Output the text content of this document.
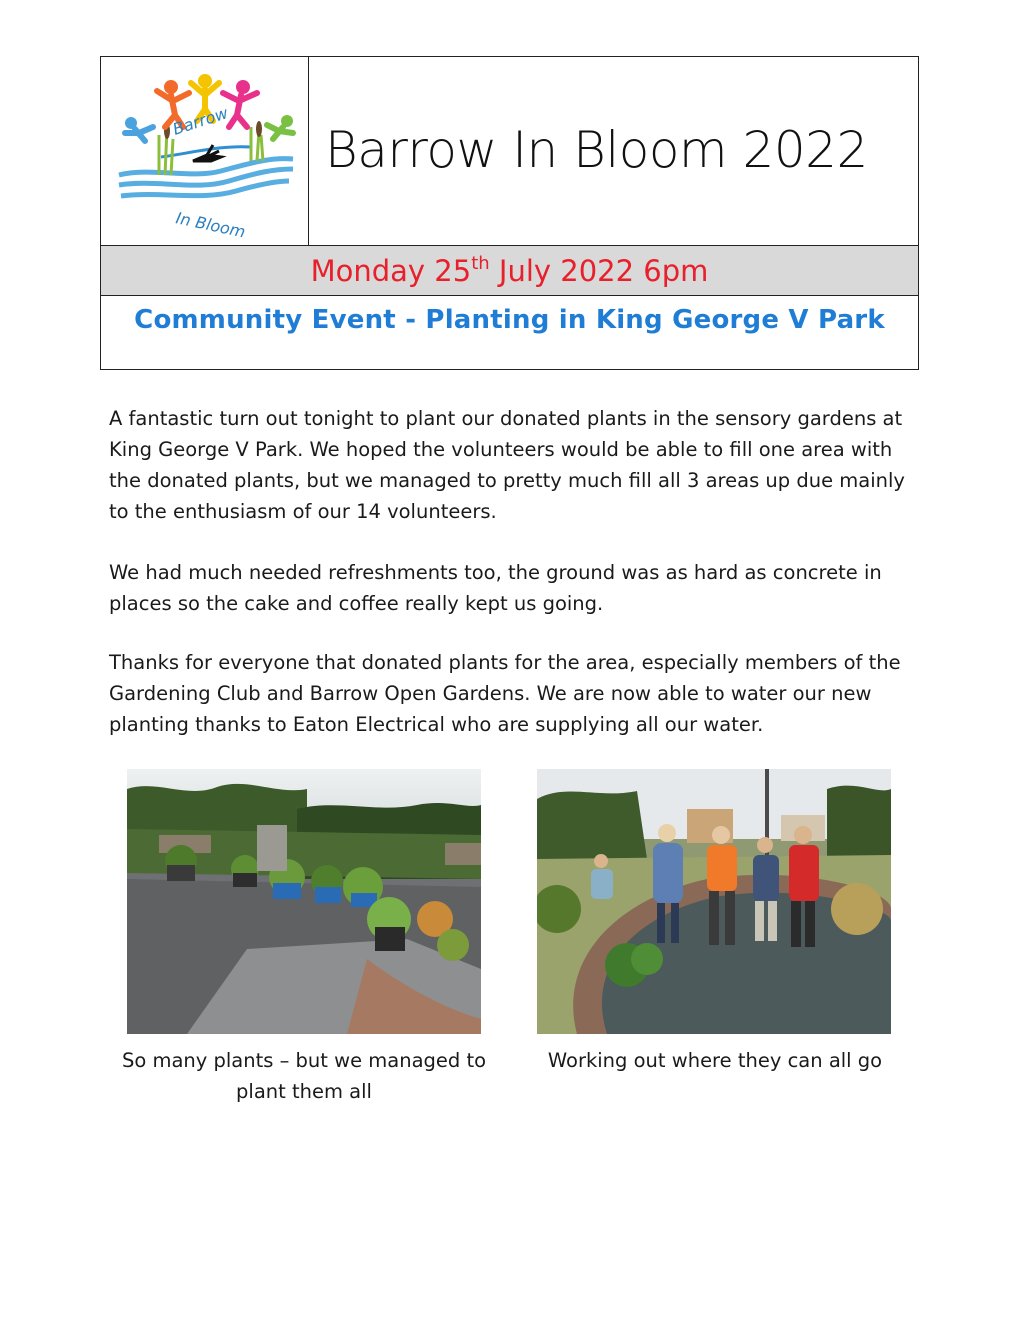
Barrow
In Bloom
Barrow In Bloom 2022
Monday 25th July 2022 6pm
Community Event - Planting in King George V Park

A fantastic turn out tonight to plant our donated plants in the sensory gardens at King George V Park. We hoped the volunteers would be able to fill one area with the donated plants, but we managed to pretty much fill all 3 areas up due mainly to the enthusiasm of our 14 volunteers.

We had much needed refreshments too, the ground was as hard as concrete in places so the cake and coffee really kept us going.

Thanks for everyone that donated plants for the area, especially members of the Gardening Club and Barrow Open Gardens. We are now able to water our new planting thanks to Eaton Electrical who are supplying all our water.

So many plants – but we managed to plant them all
Working out where they can all go
